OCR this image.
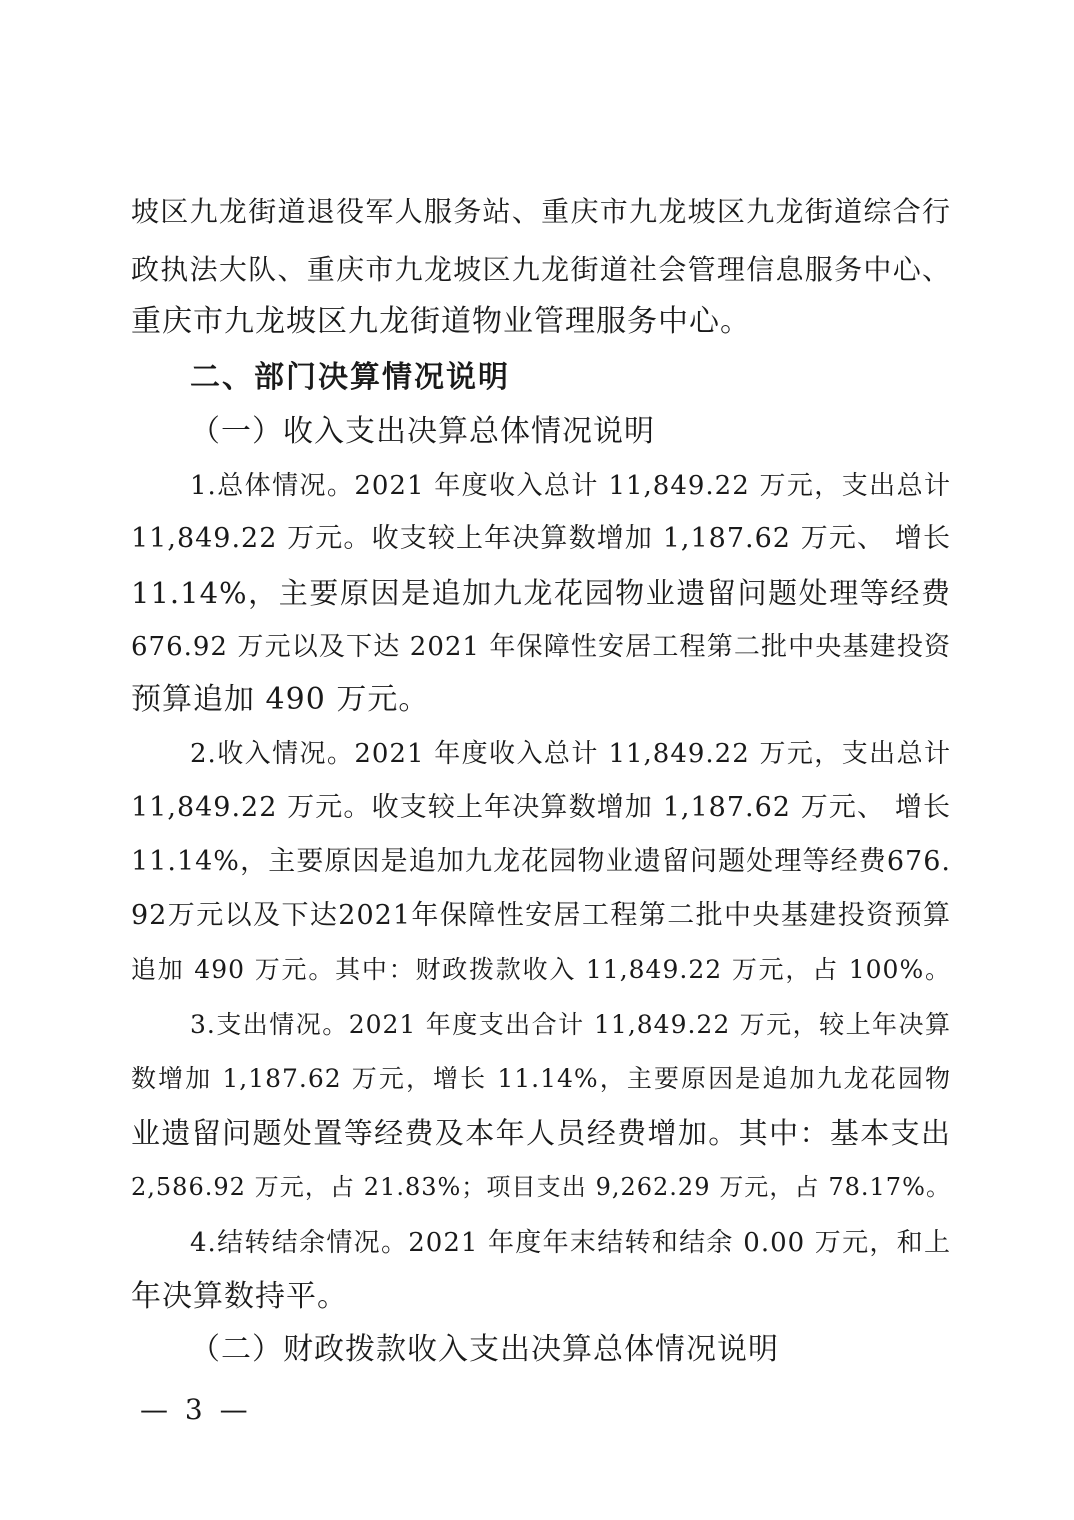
坡区九龙街道退役军人服务站、重庆市九龙坡区九龙街道综合行
政执法大队、重庆市九龙坡区九龙街道社会管理信息服务中心、
重庆市九龙坡区九龙街道物业管理服务中心。
二、部门决算情况说明
（一）收入支出决算总体情况说明
1.总体情况。2021 年度收入总计 11,849.22 万元，支出总计
11,849.22 万元。收支较上年决算数增加 1,187.62 万元、 增长
11.14%，主要原因是追加九龙花园物业遗留问题处理等经费
676.92 万元以及下达 2021 年保障性安居工程第二批中央基建投资
预算追加 490 万元。
2.收入情况。2021 年度收入总计 11,849.22 万元，支出总计
11,849.22 万元。收支较上年决算数增加 1,187.62 万元、 增长
11.14%，主要原因是追加九龙花园物业遗留问题处理等经费676.
92万元以及下达2021年保障性安居工程第二批中央基建投资预算
追加 490 万元。其中：财政拨款收入 11,849.22 万元，占 100%。
3.支出情况。2021 年度支出合计 11,849.22 万元，较上年决算
数增加 1,187.62 万元，增长 11.14%，主要原因是追加九龙花园物
业遗留问题处置等经费及本年人员经费增加。其中：基本支出
2,586.92 万元，占 21.83%；项目支出 9,262.29 万元，占 78.17%。
4.结转结余情况。2021 年度年末结转和结余 0.00 万元，和上
年决算数持平。
（二）财政拨款收入支出决算总体情况说明
— 3 —
